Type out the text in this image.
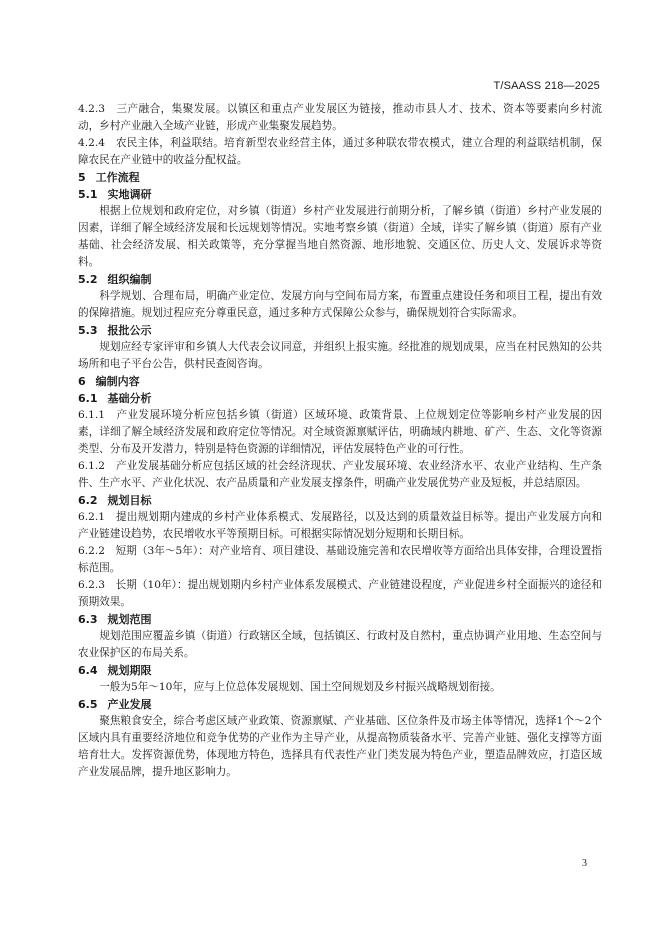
T/SAASS 218—2025

4.2.3　三产融合，集聚发展。以镇区和重点产业发展区为链接，推动市县人才、技术、资本等要素向乡村流动，乡村产业融入全域产业链，形成产业集聚发展趋势。

4.2.4　农民主体，利益联结。培育新型农业经营主体，通过多种联农带农模式，建立合理的利益联结机制，保障农民在产业链中的收益分配权益。

5 工作流程

5.1 实地调研

根据上位规划和政府定位，对乡镇（街道）乡村产业发展进行前期分析，了解乡镇（街道）乡村产业发展的因素，详细了解全域经济发展和长远规划等情况。实地考察乡镇（街道）全域，详实了解乡镇（街道）原有产业基础、社会经济发展、相关政策等，充分掌握当地自然资源、地形地貌、交通区位、历史人文、发展诉求等资料。

5.2 组织编制

科学规划、合理布局，明确产业定位、发展方向与空间布局方案，布置重点建设任务和项目工程，提出有效的保障措施。规划过程应充分尊重民意，通过多种方式保障公众参与，确保规划符合实际需求。

5.3 报批公示

规划应经专家评审和乡镇人大代表会议同意，并组织上报实施。经批准的规划成果，应当在村民熟知的公共场所和电子平台公告，供村民查阅咨询。

6 编制内容

6.1 基础分析

6.1.1　产业发展环境分析应包括乡镇（街道）区域环境、政策背景、上位规划定位等影响乡村产业发展的因素，详细了解全域经济发展和政府定位等情况。对全域资源禀赋评估，明确域内耕地、矿产、生态、文化等资源类型、分布及开发潜力，特别是特色资源的详细情况，评估发展特色产业的可行性。

6.1.2　产业发展基础分析应包括区域的社会经济现状、产业发展环境、农业经济水平、农业产业结构、生产条件、生产水平、产业化状况、农产品质量和产业发展支撑条件，明确产业发展优势产业及短板，并总结原因。

6.2 规划目标

6.2.1　提出规划期内建成的乡村产业体系模式、发展路径，以及达到的质量效益目标等。提出产业发展方向和产业链建设趋势，农民增收水平等预期目标。可根据实际情况划分短期和长期目标。

6.2.2　短期（3年～5年）：对产业培育、项目建设、基础设施完善和农民增收等方面给出具体安排，合理设置指标范围。

6.2.3　长期（10年）：提出规划期内乡村产业体系发展模式、产业链建设程度，产业促进乡村全面振兴的途径和预期效果。

6.3 规划范围

规划范围应覆盖乡镇（街道）行政辖区全域，包括镇区、行政村及自然村，重点协调产业用地、生态空间与农业保护区的布局关系。

6.4 规划期限

一般为5年～10年，应与上位总体发展规划、国土空间规划及乡村振兴战略规划衔接。

6.5 产业发展

聚焦粮食安全，综合考虑区域产业政策、资源禀赋、产业基础、区位条件及市场主体等情况，选择1个～2个区域内具有重要经济地位和竞争优势的产业作为主导产业，从提高物质装备水平、完善产业链、强化支撑等方面培育壮大。发挥资源优势，体现地方特色，选择具有代表性产业门类发展为特色产业，塑造品牌效应，打造区域产业发展品牌，提升地区影响力。

3
